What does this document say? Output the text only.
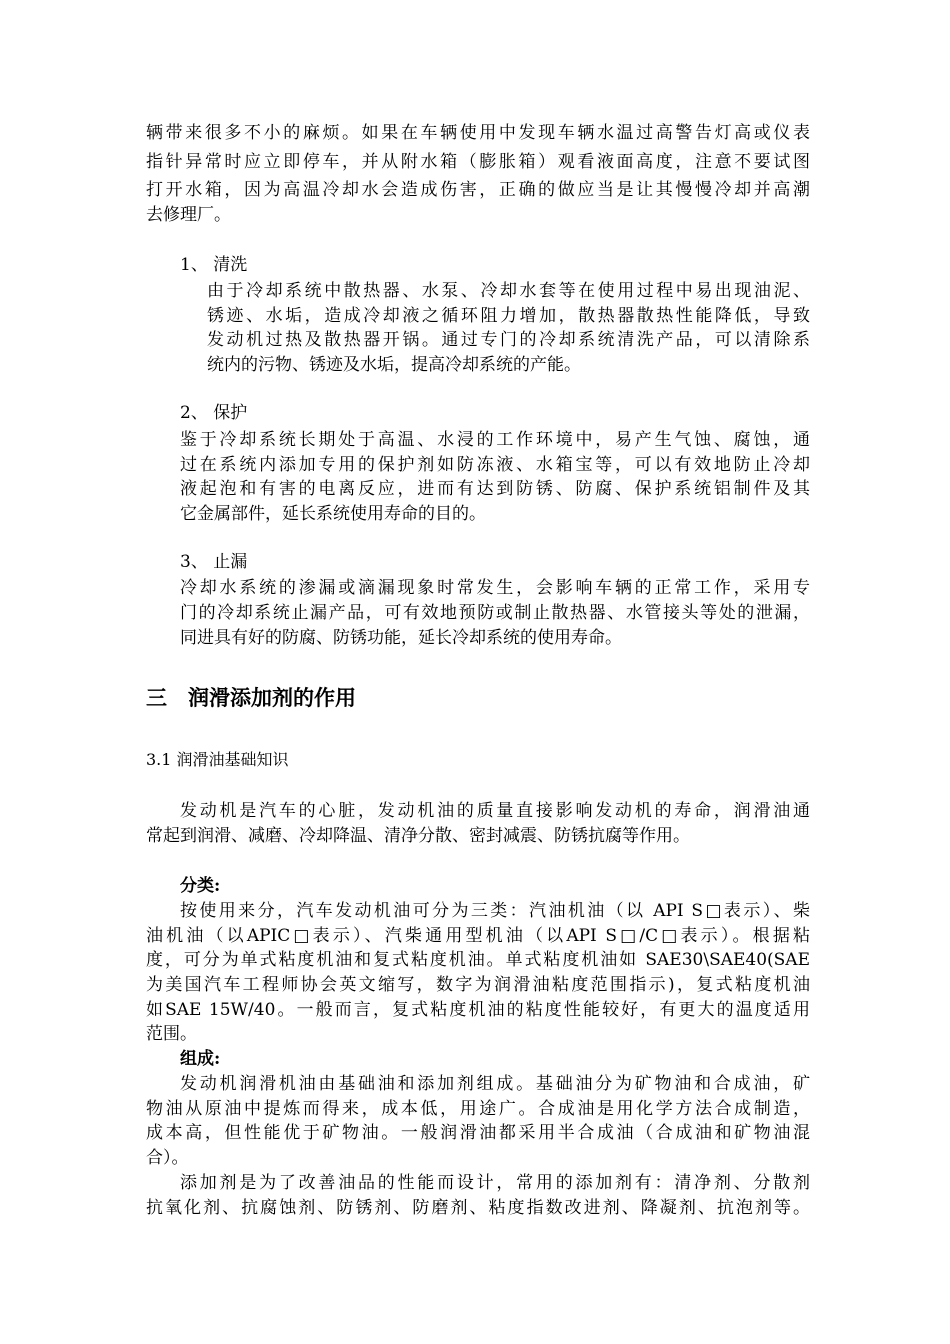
辆带来很多不小的麻烦。如果在车辆使用中发现车辆水温过高警告灯高或仪表
指针异常时应立即停车，并从附水箱（膨胀箱）观看液面高度，注意不要试图
打开水箱，因为高温冷却水会造成伤害，正确的做应当是让其慢慢冷却并高潮
去修理厂。
1、 清洗
由于冷却系统中散热器、水泵、冷却水套等在使用过程中易出现油泥、
锈迹、水垢，造成冷却液之循环阻力增加，散热器散热性能降低，导致
发动机过热及散热器开锅。通过专门的冷却系统清洗产品，可以清除系
统内的污物、锈迹及水垢，提高冷却系统的产能。
2、 保护
鉴于冷却系统长期处于高温、水浸的工作环境中，易产生气蚀、腐蚀，通
过在系统内添加专用的保护剂如防冻液、水箱宝等，可以有效地防止冷却
液起泡和有害的电离反应，进而有达到防锈、防腐、保护系统铝制件及其
它金属部件，延长系统使用寿命的目的。
3、 止漏
冷却水系统的渗漏或滴漏现象时常发生，会影响车辆的正常工作，采用专
门的冷却系统止漏产品，可有效地预防或制止散热器、水管接头等处的泄漏，
同进具有好的防腐、防锈功能，延长冷却系统的使用寿命。
三　润滑添加剂的作用
3.1 润滑油基础知识
发动机是汽车的心脏，发动机油的质量直接影响发动机的寿命，润滑油通
常起到润滑、减磨、冷却降温、清净分散、密封减震、防锈抗腐等作用。
分类:
按使用来分，汽车发动机油可分为三类：汽油机油（以 API S□表示）、柴
油机油（以APIC□表示）、汽柴通用型机油（以API S□/C□表示）。根据粘
度，可分为单式粘度机油和复式粘度机油。单式粘度机油如 SAE30\SAE40(SAE
为美国汽车工程师协会英文缩写，数字为润滑油粘度范围指示)，复式粘度机油
如SAE 15W/40。一般而言，复式粘度机油的粘度性能较好，有更大的温度适用
范围。
组成:
发动机润滑机油由基础油和添加剂组成。基础油分为矿物油和合成油，矿
物油从原油中提炼而得来，成本低，用途广。合成油是用化学方法合成制造，
成本高，但性能优于矿物油。一般润滑油都采用半合成油（合成油和矿物油混
合）。
添加剂是为了改善油品的性能而设计，常用的添加剂有：清净剂、分散剂
抗氧化剂、抗腐蚀剂、防锈剂、防磨剂、粘度指数改进剂、降凝剂、抗泡剂等。
